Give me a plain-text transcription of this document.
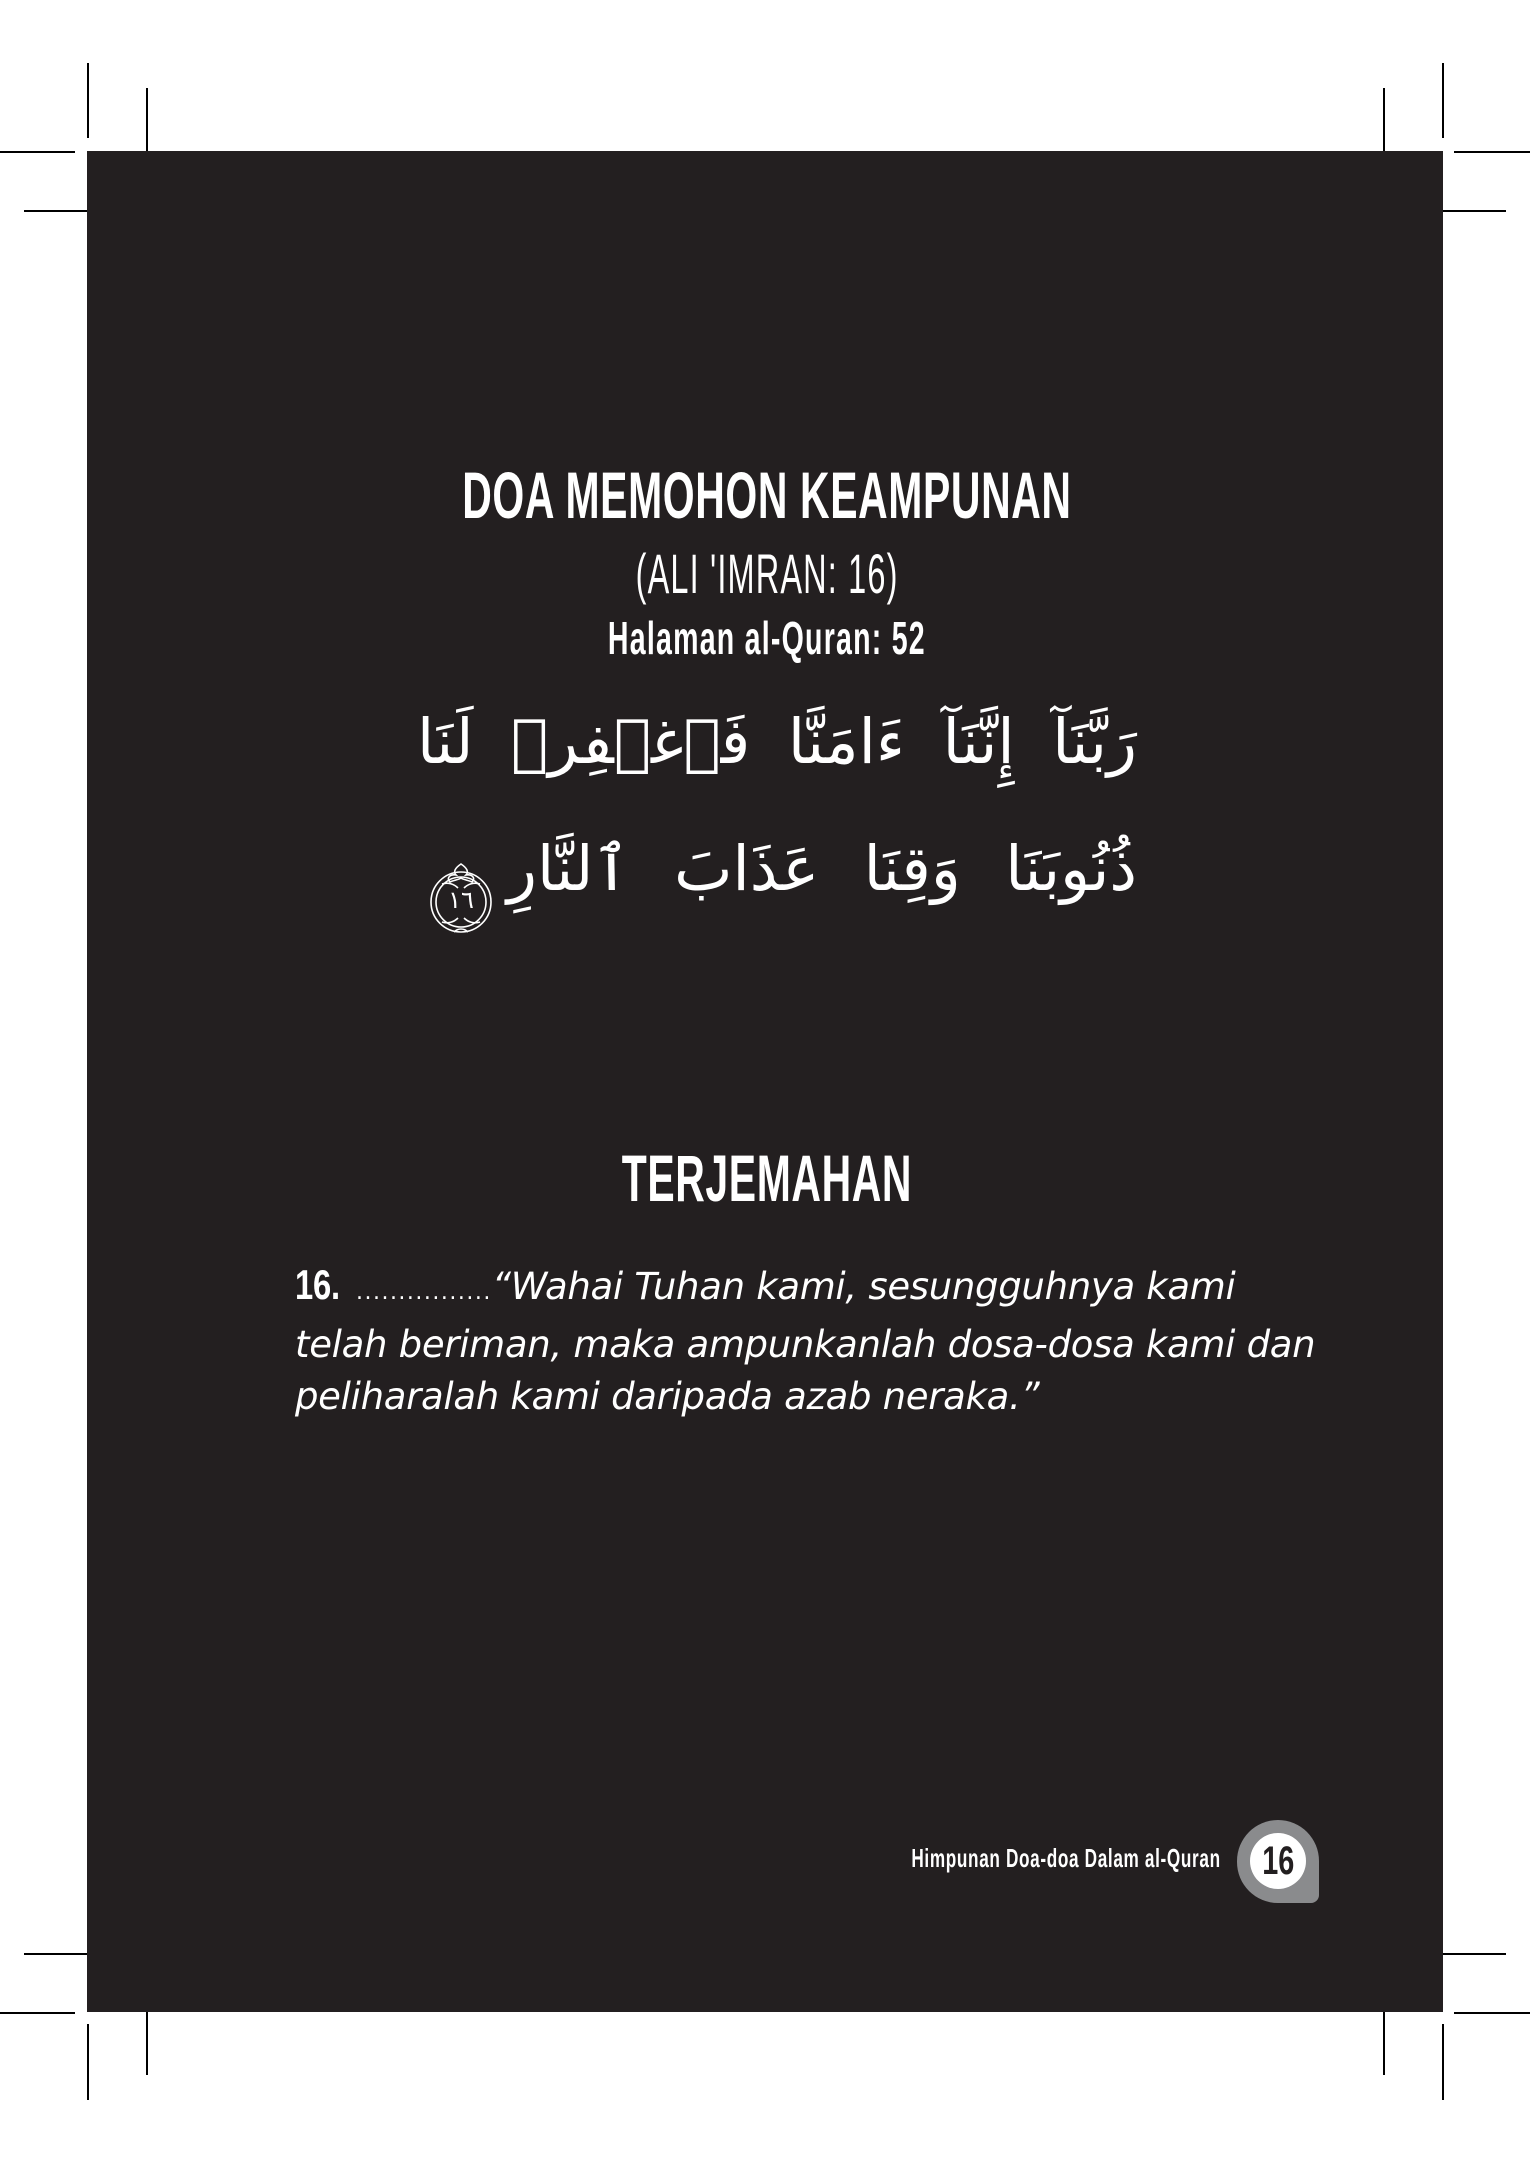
DOA MEMOHON KEAMPUNAN
(ALI 'IMRAN: 16)
Halaman al-Quran: 52
رَبَّنَآ إِنَّنَآ ءَامَنَّا فَٱغۡفِرۡ لَنَا
ذُنُوبَنَا وَقِنَا عَذَابَ ٱلنَّارِ
١٦
TERJEMAHAN
16. ................“Wahai Tuhan kami, sesungguhnya kami
telah beriman, maka ampunkanlah dosa-dosa kami dan
peliharalah kami daripada azab neraka.”
Himpunan Doa-doa Dalam al-Quran 16
